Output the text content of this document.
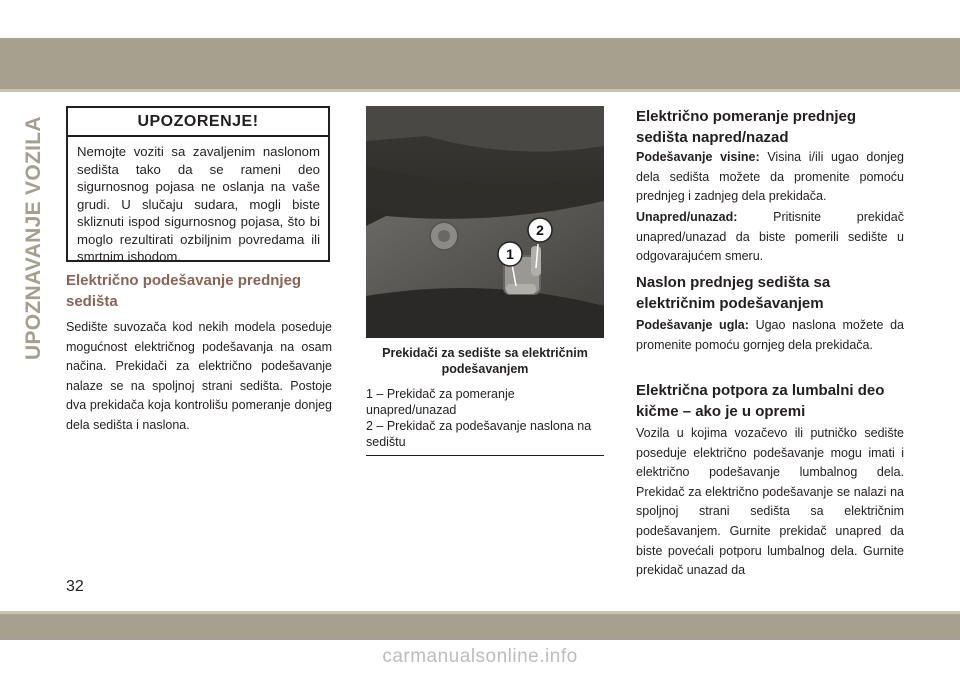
UPOZNAVANJE VOZILA	UPOZORENJE!
Nemojte voziti sa zavaljenim naslonom sedišta tako da se rameni deo sigurnosnog pojasa ne oslanja na vaše grudi. U slučaju sudara, mogli biste skliznuti ispod sigurnosnog pojasa, što bi moglo rezultirati ozbiljnim povredama ili smrtnim ishodom.
Električno podešavanje prednjeg sedišta
Sedište suvozača kod nekih modela poseduje mogućnost električnog podešavanja na osam načina. Prekidači za električno podešavanje nalaze se na spoljnoj strani sedišta. Postoje dva prekidača koja kontrolišu pomeranje donjeg dela sedišta i naslona.
1
2
Prekidači za sedište sa električnim podešavanjem
1 – Prekidač za pomeranje unapred/unazad
2 – Prekidač za podešavanje naslona na sedištu
Električno pomeranje prednjeg sedišta napred/nazad
Podešavanje visine: Visina i/ili ugao donjeg dela sedišta možete da promenite pomoću prednjeg i zadnjeg dela prekidača.
Unapred/unazad:	Pritisnite prekidač unapred/unazad da biste pomerili sedište u odgovarajućem smeru.
Naslon prednjeg sedišta sa električnim podešavanjem
Podešavanje ugla: Ugao naslona možete da promenite pomoću gornjeg dela prekidača.
Električna potpora za lumbalni deo kičme – ako je u opremi
Vozila u kojima vozačevo ili putničko sedište poseduje električno podešavanje mogu imati i električno podešavanje lumbalnog dela. Prekidač za električno podešavanje se nalazi na spoljnoj strani sedišta sa električnim podešavanjem. Gurnite prekidač unapred da biste povećali potporu lumbalnog dela. Gurnite prekidač unazad da
32
carmanualsonline.info
